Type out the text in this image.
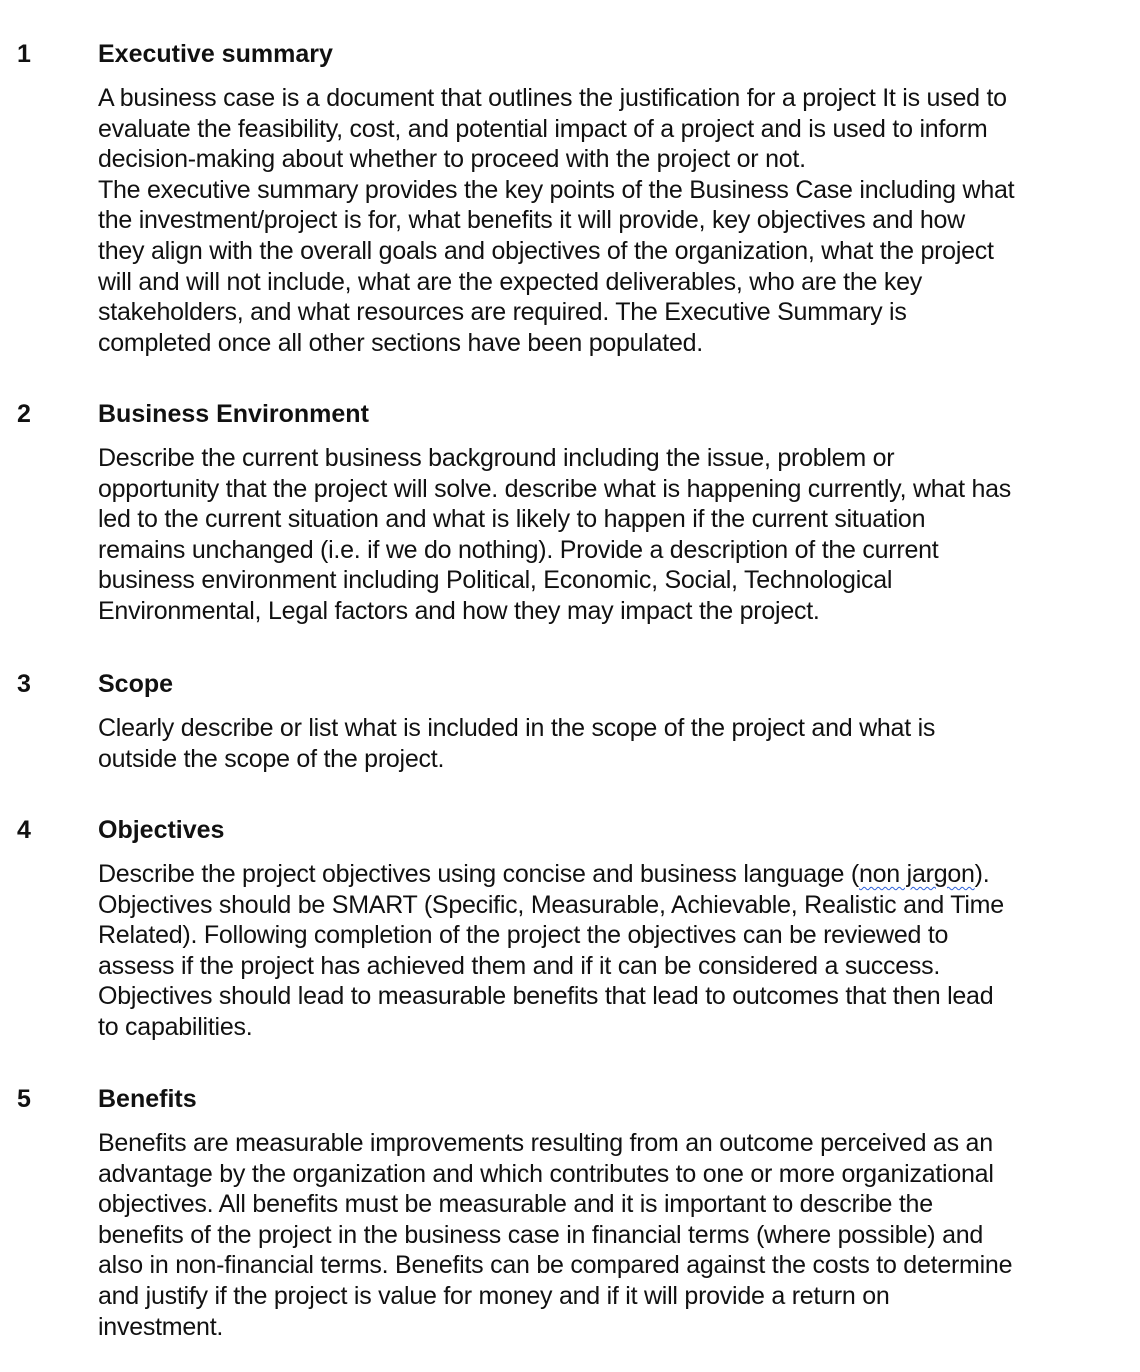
1	Executive summary
A business case is a document that outlines the justification for a project It is used to
evaluate the feasibility, cost, and potential impact of a project and is used to inform
decision-making about whether to proceed with the project or not.
The executive summary provides the key points of the Business Case including what
the investment/project is for, what benefits it will provide, key objectives and how
they align with the overall goals and objectives of the organization, what the project
will and will not include, what are the expected deliverables, who are the key
stakeholders, and what resources are required. The Executive Summary is
completed once all other sections have been populated.
2	Business Environment
Describe the current business background including the issue, problem or
opportunity that the project will solve. describe what is happening currently, what has
led to the current situation and what is likely to happen if the current situation
remains unchanged (i.e. if we do nothing). Provide a description of the current
business environment including Political, Economic, Social, Technological
Environmental, Legal factors and how they may impact the project.
3	Scope
Clearly describe or list what is included in the scope of the project and what is
outside the scope of the project.
4	Objectives
Describe the project objectives using concise and business language (non jargon).
Objectives should be SMART (Specific, Measurable, Achievable, Realistic and Time
Related). Following completion of the project the objectives can be reviewed to
assess if the project has achieved them and if it can be considered a success.
Objectives should lead to measurable benefits that lead to outcomes that then lead
to capabilities.
5	Benefits
Benefits are measurable improvements resulting from an outcome perceived as an
advantage by the organization and which contributes to one or more organizational
objectives. All benefits must be measurable and it is important to describe the
benefits of the project in the business case in financial terms (where possible) and
also in non-financial terms. Benefits can be compared against the costs to determine
and justify if the project is value for money and if it will provide a return on
investment.
